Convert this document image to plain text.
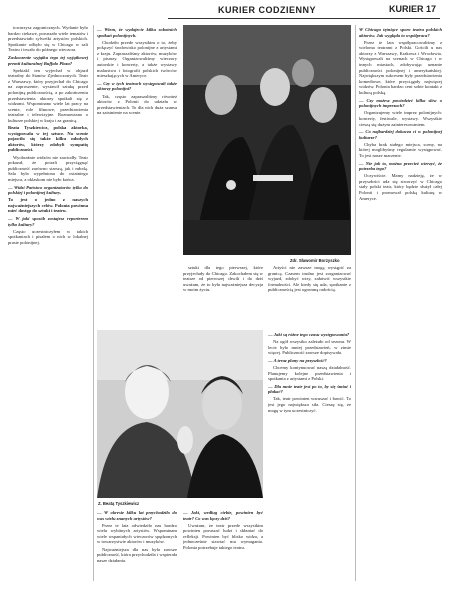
KURIER CODZIENNY	KURIER 17

towarzysz zagranicznych. Wydanie było bardzo ciekawe, poruszało wiele tematów i przedstawiało sylwetki artystów polskich. Spotkanie odbyło się w Chicago w sali Teatru i trwało do późnego wieczora.

Zaskoczenie wyjątku tego tej wyjątkowej premii kulturalnej Buffalo Plaza?

Spektakl ten wyjechał w objazd teatralny do Stanów Zjednoczonych. Teatr z Warszawy, który przyjechał do Chicago na zaproszenie, wystawił sztukę przed polonijną publicznością, a po zakończeniu przedstawienia aktorzy spotkali się z widzami. Wspominano wiele lat pracy na scenie, role filmowe, przedstawienia teatralne i telewizyjne. Rozmawiano o kulturze polskiej w kraju i za granicą.

Beata Tyszkiewicz, polska aktorka, występowała w tej sztuce. Na scenie pojawiło się także kilku młodych aktorów, którzy zdobyli sympatię publiczności.

Wyobraźnie widzów nie zawiodły. Teatr pokazał, że potrafi przyciągnąć publiczność zarówno starszą, jak i młodą. Sala była wypełniona do ostatniego miejsca, a oklaskom nie było końca.

— Widzi Państwo organizatorów tylko do polskiej i polonijnej kultury.

To jest o jedno z naszych najważniejszych celów. Polonia powinna mieć dostęp do sztuki i teatru.

— W jaki sposób zostajesz reporterem tylko kultury?

Często uczestniczyłem w takich spotkaniach i pisałem o nich w lokalnej prasie polonijnej.

— Wiem, że wydajecie kilka sobotnich spotkań polonijnych.

Chodziło przede wszystkim o to, żeby połączyć środowisko polonijne z artystami z kraju. Zapraszaliśmy aktorów, muzyków i pisarzy. Organizowaliśmy wieczory autorskie i koncerty, a także wystawy malarstwa i fotografii polskich twórców mieszkających w Ameryce.

— Czy w tych teatrach występowali także aktorzy polonijni?

Tak, często zapraszaliśmy również aktorów z Polonii do udziału w przedstawieniach. To dla nich duża szansa na zaistnienie na scenie.

Zdr. Sławomir Borzyszko

sztuki dla tego pierwszej, które przyjechały do Chicago. Zakochałem się w teatrze od pierwszej chwili i do dziś uważam, że to była najważniejsza decyzja w moim życiu.

Artyści nie zawsze mogą wystąpić za granicą. Czasem trudno jest zorganizować wyjazd, zdobyć wizy, załatwić wszystkie formalności. Ale kiedy się uda, spotkanie z publicznością jest ogromną radością.

Z. Beatą Tyszkiewicz

— W okresie kilku lat przychodziło do was wielu znanych artystów?

Przez te lata odwiedziło nas bardzo wielu wybitnych artystów. Wspominam wiele wspaniałych wieczorów spędzonych w towarzystwie aktorów i muzyków.

Najważniejsza dla nas była zawsze publiczność, która przychodziła i wspierała nasze działania.

— Jaki, według ciebie, powinien być teatr? Co was łączy dziś?

Uważam, że teatr przede wszystkim powinien poruszać ludzi i skłaniać do refleksji. Powinien być blisko widza, a jednocześnie stawiać mu wymagania. Polonia potrzebuje takiego teatru.

— Jaki są różne tego czasu występowania?

Na ogół wszystko zależało od sezonu. W lecie było mniej przedstawień, w zimie więcej. Publiczność zawsze dopisywała.

— A teraz plany na przyszłość?

Chcemy kontynuować naszą działalność. Planujemy kolejne przedstawienia i spotkania z artystami z Polski.

— Dla mnie teatr jest po to, by się śmiać i płakać?

Tak, teatr powinien wzruszać i bawić. To jest jego największa siła. Cieszę się, że mogę w tym uczestniczyć.

W Chicago tętniące sporo teatru polskich aktorów. Jak wygląda to współpraca?

Przez te lata współpracowaliśmy z wieloma teatrami z Polski. Gościli u nas aktorzy z Warszawy, Krakowa i Wrocławia. Występowali na scenach w Chicago i w innych miastach, zdobywając uznanie publiczności polonijnej i amerykańskiej. Największym sukcesem były przedstawienia komediowe, które przyciągały najwięcej widzów. Polonia bardzo ceni sobie kontakt z kulturą polską.

— Czy możesz powiedzieć kilka słów o polonijnych imprezach?

Organizujemy wiele imprez polonijnych: koncerty, festiwale, wystawy. Wszystkie cieszą się dużym zainteresowaniem.

— Co najbardziej dokucza ci w polonijnej kulturze?

Chyba brak stałego miejsca, sceny, na której moglibyśmy regularnie występować. To jest nasze marzenie.

— Nie jak to, można przecież wierzyć, że potrzeba tego?

Oczywiście. Mamy nadzieję, że w przyszłości uda się stworzyć w Chicago stały polski teatr, który będzie służył całej Polonii i promował polską kulturę w Ameryce.
